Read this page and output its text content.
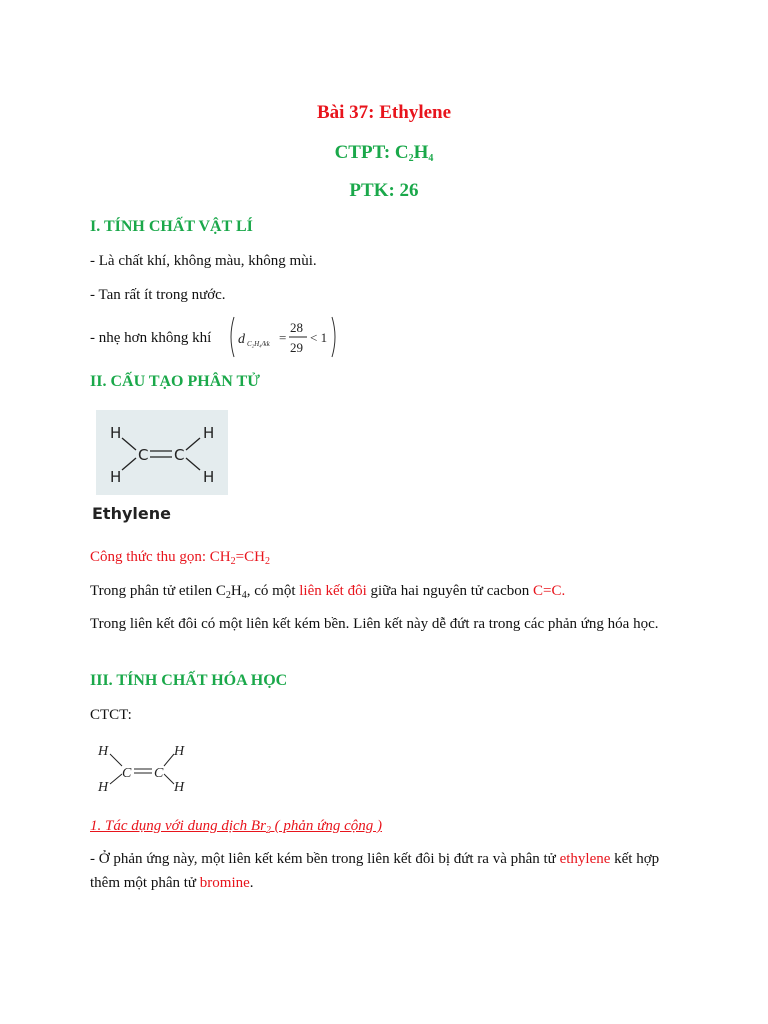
Bài 37: Ethylene
CTPT: $C_2H_4$
PTK: 26
I. TÍNH CHẤT VẬT LÍ
- Là chất khí, không màu, không mùi.
- Tan rất ít trong nước.
- nhẹ hơn không khí d C₂H₄/kk =
28
29
< 1
II. CẤU TẠO PHÂN TỬ
H
H
H
H
C C
Ethylene
Công thức thu gọn: $CH_2=CH_2$
Trong phân tử etilen $C_2H_4$, có một liên kết đôi giữa hai nguyên tử cacbon C=C.
Trong liên kết đôi có một liên kết kém bền. Liên kết này dễ đứt ra trong các phản ứng hóa học.
III. TÍNH CHẤT HÓA HỌC
CTCT:
H
H
H
H
C C
1. Tác dụng với dung dịch $Br_2$ ( phản ứng cộng )
- Ở phản ứng này, một liên kết kém bền trong liên kết đôi bị đứt ra và phân tử ethylene kết hợp thêm một phân tử bromine.
